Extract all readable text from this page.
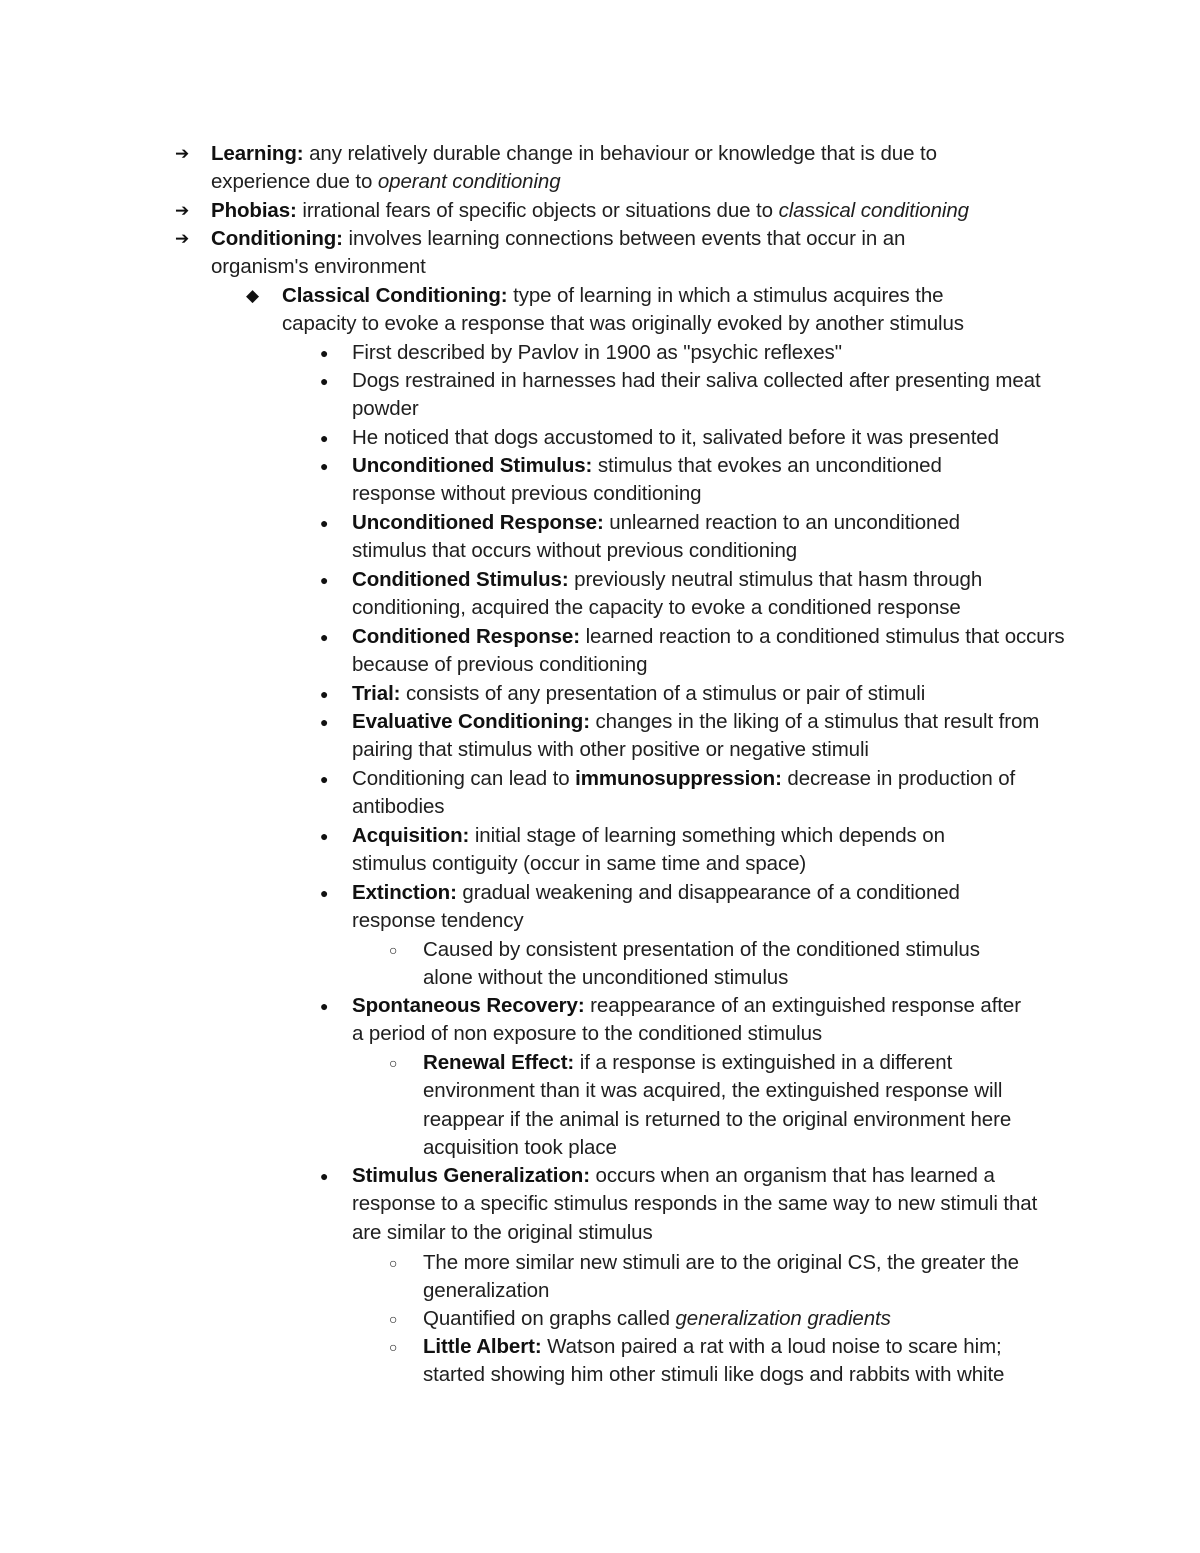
➔ Learning: any relatively durable change in behaviour or knowledge that is due to experience due to operant conditioning
➔ Phobias: irrational fears of specific objects or situations due to classical conditioning
➔ Conditioning: involves learning connections between events that occur in an organism's environment
◆ Classical Conditioning: type of learning in which a stimulus acquires the capacity to evoke a response that was originally evoked by another stimulus
● First described by Pavlov in 1900 as "psychic reflexes"
● Dogs restrained in harnesses had their saliva collected after presenting meat powder
● He noticed that dogs accustomed to it, salivated before it was presented
● Unconditioned Stimulus: stimulus that evokes an unconditioned response without previous conditioning
● Unconditioned Response: unlearned reaction to an unconditioned stimulus that occurs without previous conditioning
● Conditioned Stimulus: previously neutral stimulus that hasm through conditioning, acquired the capacity to evoke a conditioned response
● Conditioned Response: learned reaction to a conditioned stimulus that occurs because of previous conditioning
● Trial: consists of any presentation of a stimulus or pair of stimuli
● Evaluative Conditioning: changes in the liking of a stimulus that result from pairing that stimulus with other positive or negative stimuli
● Conditioning can lead to immunosuppression: decrease in production of antibodies
● Acquisition: initial stage of learning something which depends on stimulus contiguity (occur in same time and space)
● Extinction: gradual weakening and disappearance of a conditioned response tendency
○ Caused by consistent presentation of the conditioned stimulus alone without the unconditioned stimulus
● Spontaneous Recovery: reappearance of an extinguished response after a period of non exposure to the conditioned stimulus
○ Renewal Effect: if a response is extinguished in a different environment than it was acquired, the extinguished response will reappear if the animal is returned to the original environment here acquisition took place
● Stimulus Generalization: occurs when an organism that has learned a response to a specific stimulus responds in the same way to new stimuli that are similar to the original stimulus
○ The more similar new stimuli are to the original CS, the greater the generalization
○ Quantified on graphs called generalization gradients
○ Little Albert: Watson paired a rat with a loud noise to scare him; started showing him other stimuli like dogs and rabbits with white
